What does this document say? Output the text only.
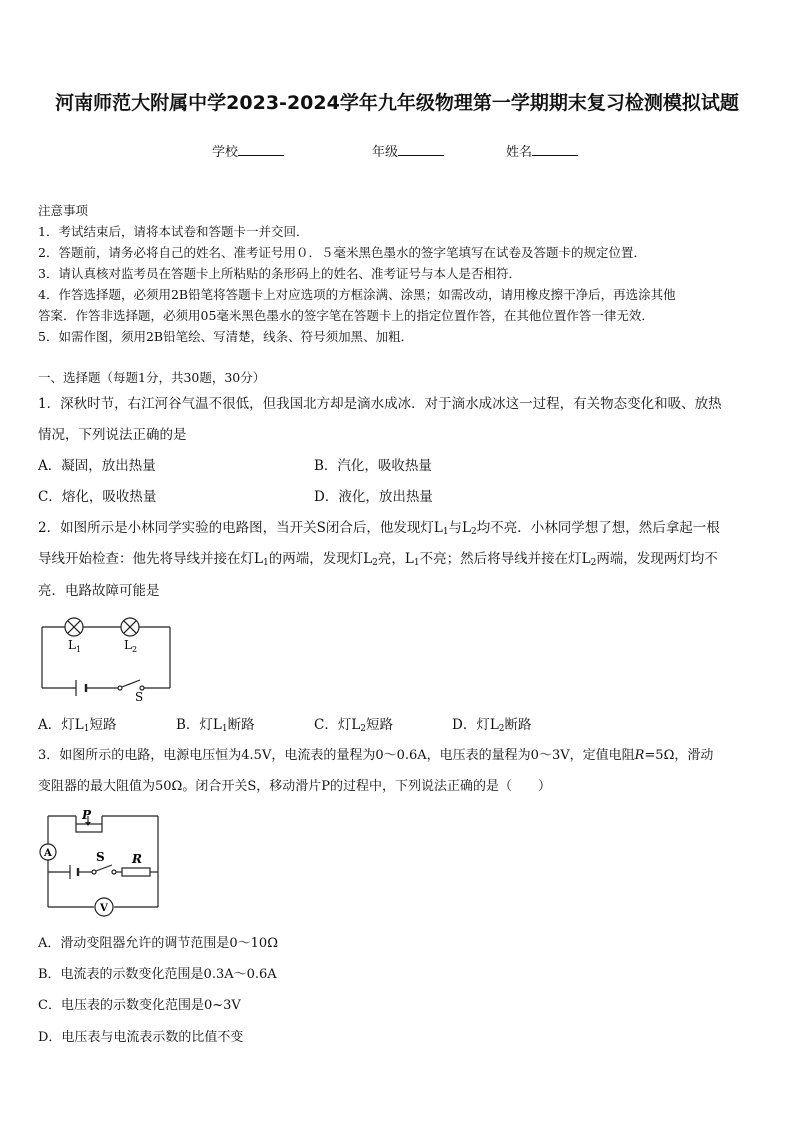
河南师范大附属中学2023-2024学年九年级物理第一学期期末复习检测模拟试题
学校	年级	姓名
注意事项
1．考试结束后，请将本试卷和答题卡一并交回．
2．答题前，请务必将自己的姓名、准考证号用０．５毫米黑色墨水的签字笔填写在试卷及答题卡的规定位置．
3．请认真核对监考员在答题卡上所粘贴的条形码上的姓名、准考证号与本人是否相符．
4．作答选择题，必须用2B铅笔将答题卡上对应选项的方框涂满、涂黑；如需改动，请用橡皮擦干净后，再选涂其他
答案．作答非选择题，必须用05毫米黑色墨水的签字笔在答题卡上的指定位置作答，在其他位置作答一律无效．
5．如需作图，须用2B铅笔绘、写清楚，线条、符号须加黑、加粗．
一、选择题（每题1分，共30题，30分）
1．深秋时节，右江河谷气温不很低，但我国北方却是滴水成冰．对于滴水成冰这一过程，有关物态变化和吸、放热
情况，下列说法正确的是
A．凝固，放出热量	B．汽化，吸收热量
C．熔化，吸收热量	D．液化，放出热量
2．如图所示是小林同学实验的电路图，当开关S闭合后，他发现灯$L_1$与$L_2$均不亮．小林同学想了想，然后拿起一根
导线开始检查：他先将导线并接在灯$L_1$的两端，发现灯$L_2$亮，$L_1$不亮；然后将导线并接在灯$L_2$两端，发现两灯均不
亮．电路故障可能是
$L_1$	$L_2$
S
A．灯$L_1$短路	B．灯$L_1$断路	C．灯$L_2$短路	D．灯$L_2$断路
3．如图所示的电路，电源电压恒为4.5V，电流表的量程为0～0.6A，电压表的量程为0～3V，定值电阻R=5Ω，滑动
变阻器的最大阻值为50Ω。闭合开关S，移动滑片P的过程中，下列说法正确的是（　　）
P
A	S R
V
A．滑动变阻器允许的调节范围是0～10Ω
B．电流表的示数变化范围是0.3A～0.6A
C．电压表的示数变化范围是0~3V
D．电压表与电流表示数的比值不变
